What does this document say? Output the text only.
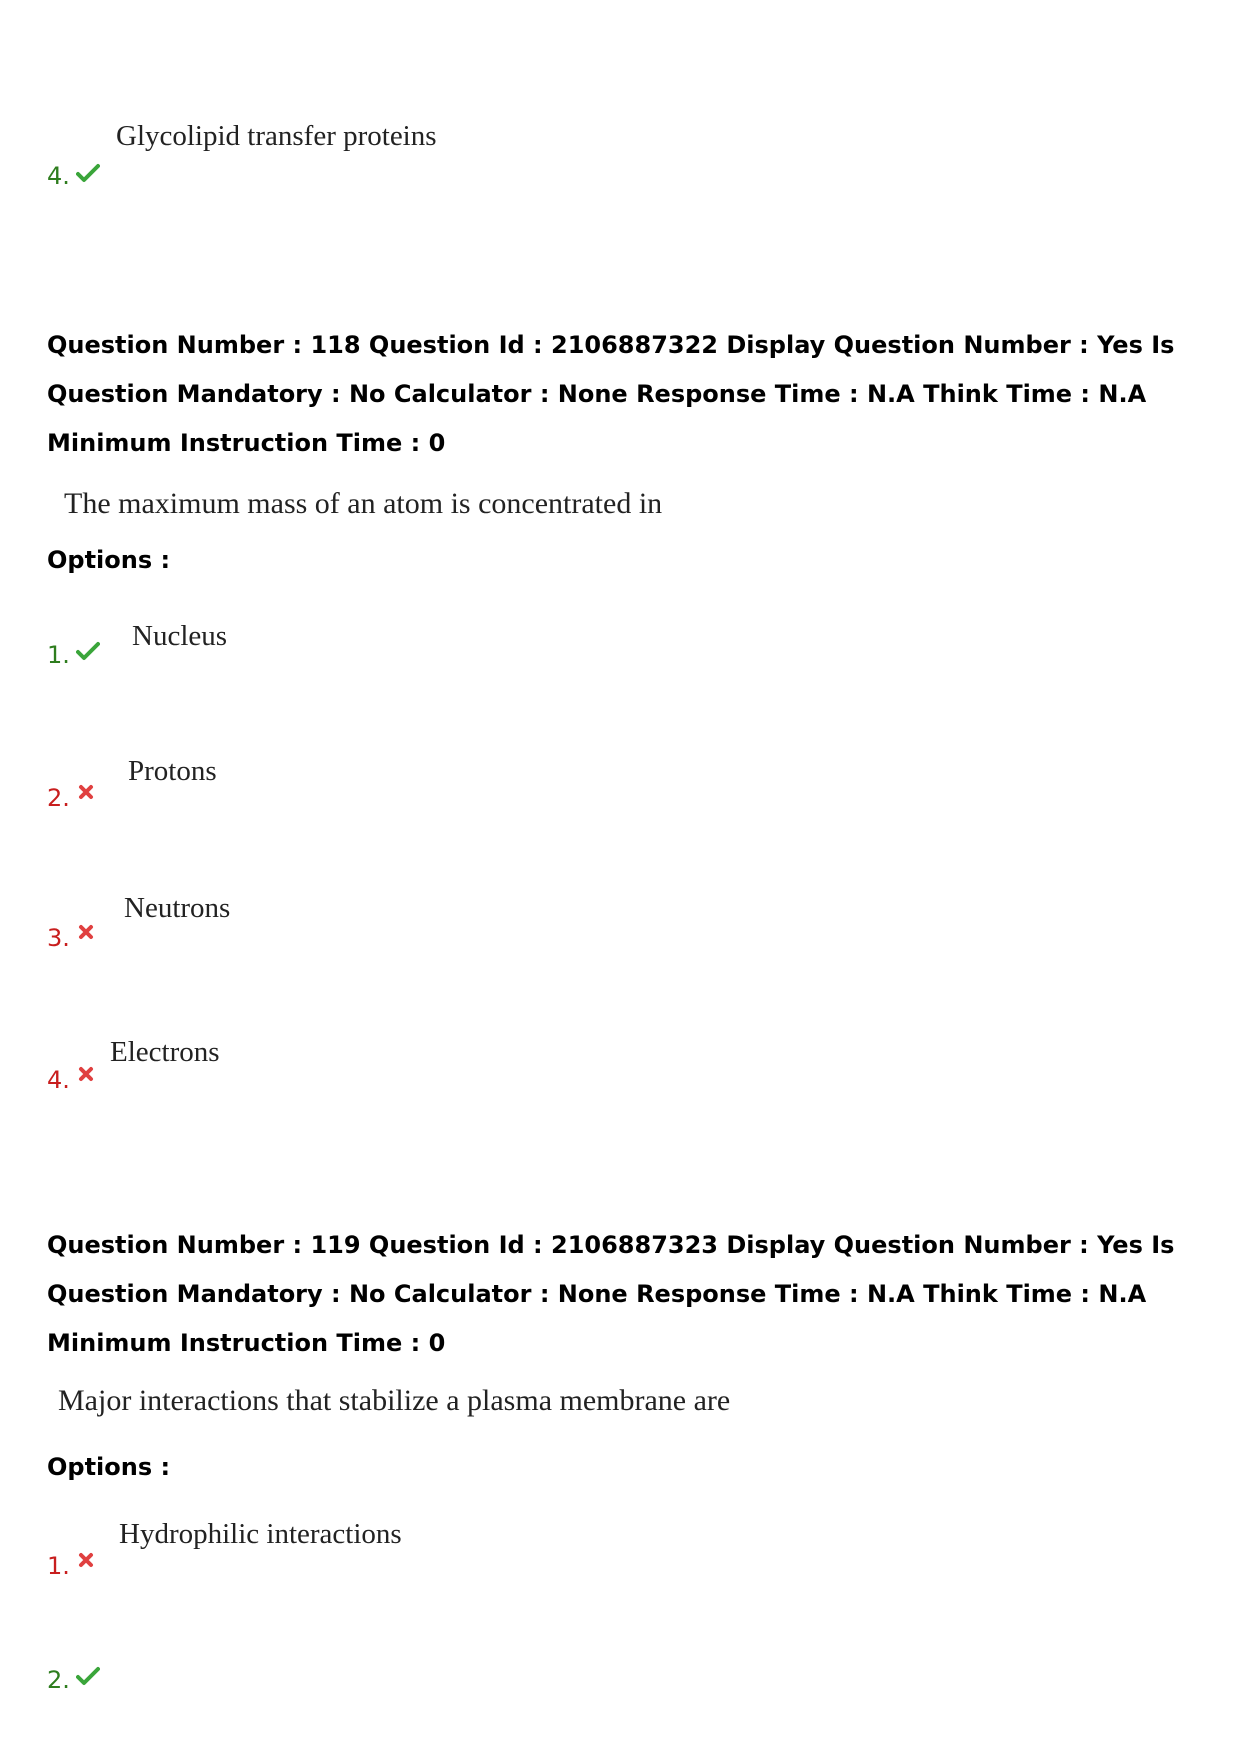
Glycolipid transfer proteins
4.
Question Number : 118 Question Id : 2106887322 Display Question Number : Yes Is Question Mandatory : No Calculator : None Response Time : N.A Think Time : N.A Minimum Instruction Time : 0
The maximum mass of an atom is concentrated in
Options :
Nucleus
1.
Protons
2.
Neutrons
3.
Electrons
4.
Question Number : 119 Question Id : 2106887323 Display Question Number : Yes Is Question Mandatory : No Calculator : None Response Time : N.A Think Time : N.A Minimum Instruction Time : 0
Major interactions that stabilize a plasma membrane are
Options :
Hydrophilic interactions
1.
2.
